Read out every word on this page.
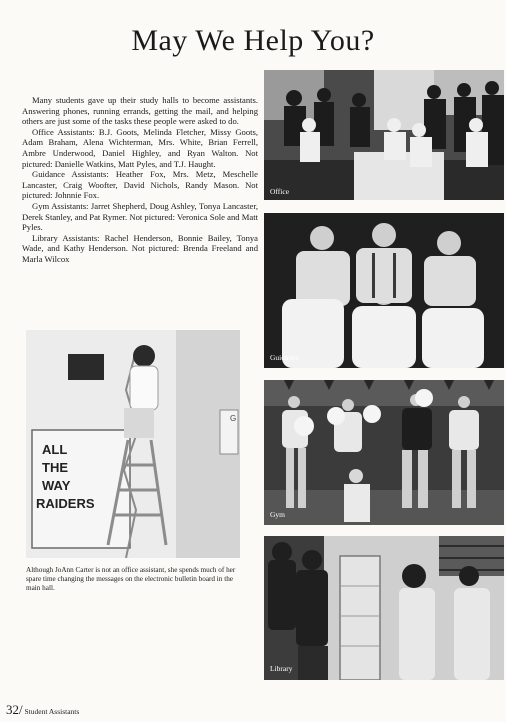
May We Help You?

Many students gave up their study halls to become assistants. Answering phones, running errands, getting the mail, and helping others are just some of the tasks these people were asked to do.

Office Assistants: B.J. Goots, Melinda Fletcher, Missy Goots, Adam Braham, Alena Wichterman, Mrs. White, Brian Ferrell, Ambre Underwood, Daniel Highley, and Ryan Walton. Not pictured: Danielle Watkins, Matt Pyles, and T.J. Haught.

Guidance Assistants: Heather Fox, Mrs. Metz, Meschelle Lancaster, Craig Woofter, David Nichols, Randy Mason. Not pictured: Johnnie Fox.

Gym Assistants: Jarret Shepherd, Doug Ashley, Tonya Lancaster, Derek Stanley, and Pat Rymer. Not pictured: Veronica Sole and Matt Pyles.

Library Assistants: Rachel Henderson, Bonnie Bailey, Tonya Wade, and Kathy Henderson. Not pictured: Brenda Freeland and Marla Wilcox

Office
Guidance
ALL
THE
WAY
RAIDERS
G
Although JoAnn Carter is not an office assistant, she spends much of her spare time changing the messages on the electronic bulletin board in the main hall.
Gym
Library
32/ Student Assistants
